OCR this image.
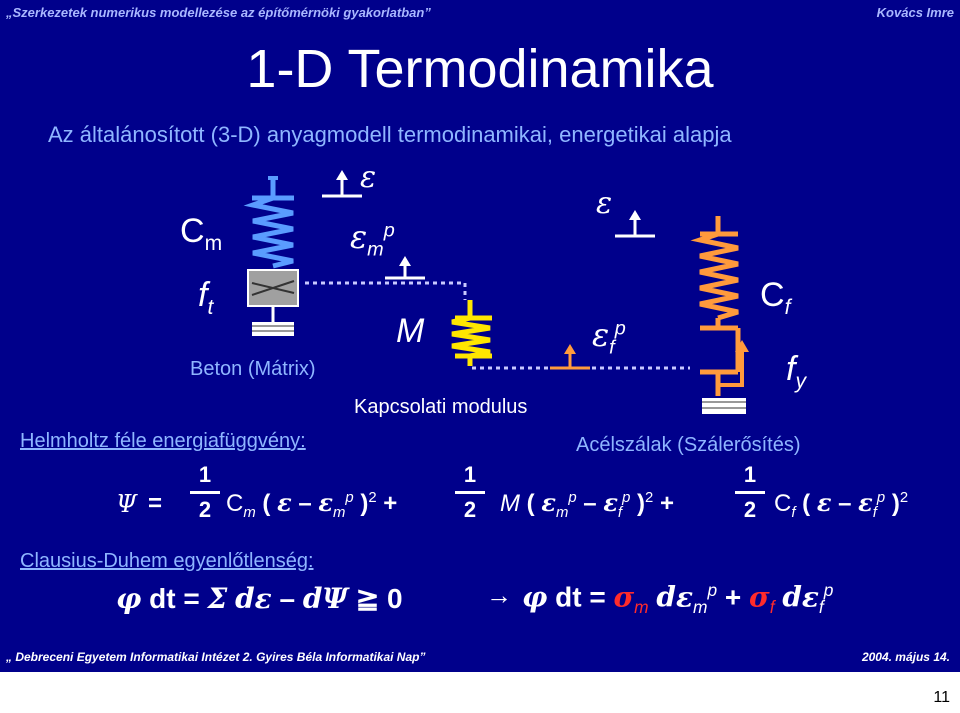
„Szerkezetek numerikus modellezése az építőmérnöki gyakorlatban”	Kovács Imre
1-D Termodinamika
Az általánosított (3-D) anyagmodell termodinamikai, energetikai alapja
$C_m$
$f_t$
ε
$\varepsilon_m^p$
M
ε
$\varepsilon_f^p$
$C_f$
$f_y$
Beton (Mátrix)
Kapcsolati modulus
Acélszálak (Szálerősítés)
Helmholtz féle energiafüggvény:
Ψ =
1
2 $C_m$ ( ε – $\varepsilon_m^p$ )$^2$ +
1
2 M ( $\varepsilon_m^p - \varepsilon_f^p$ )$^2$ +
1
2 $C_f$ ( ε – $\varepsilon_f^p$ )$^2$
Clausius-Duhem egyenlőtlenség:
φ dt = Σ dε – dΨ ≧ 0	→ φ dt = $\sigma_m$ $d\varepsilon_m^p + \sigma_f$ $d\varepsilon_f^p$
„ Debreceni Egyetem Informatikai Intézet 2. Gyires Béla Informatikai Nap”	2004. május 14.
11
